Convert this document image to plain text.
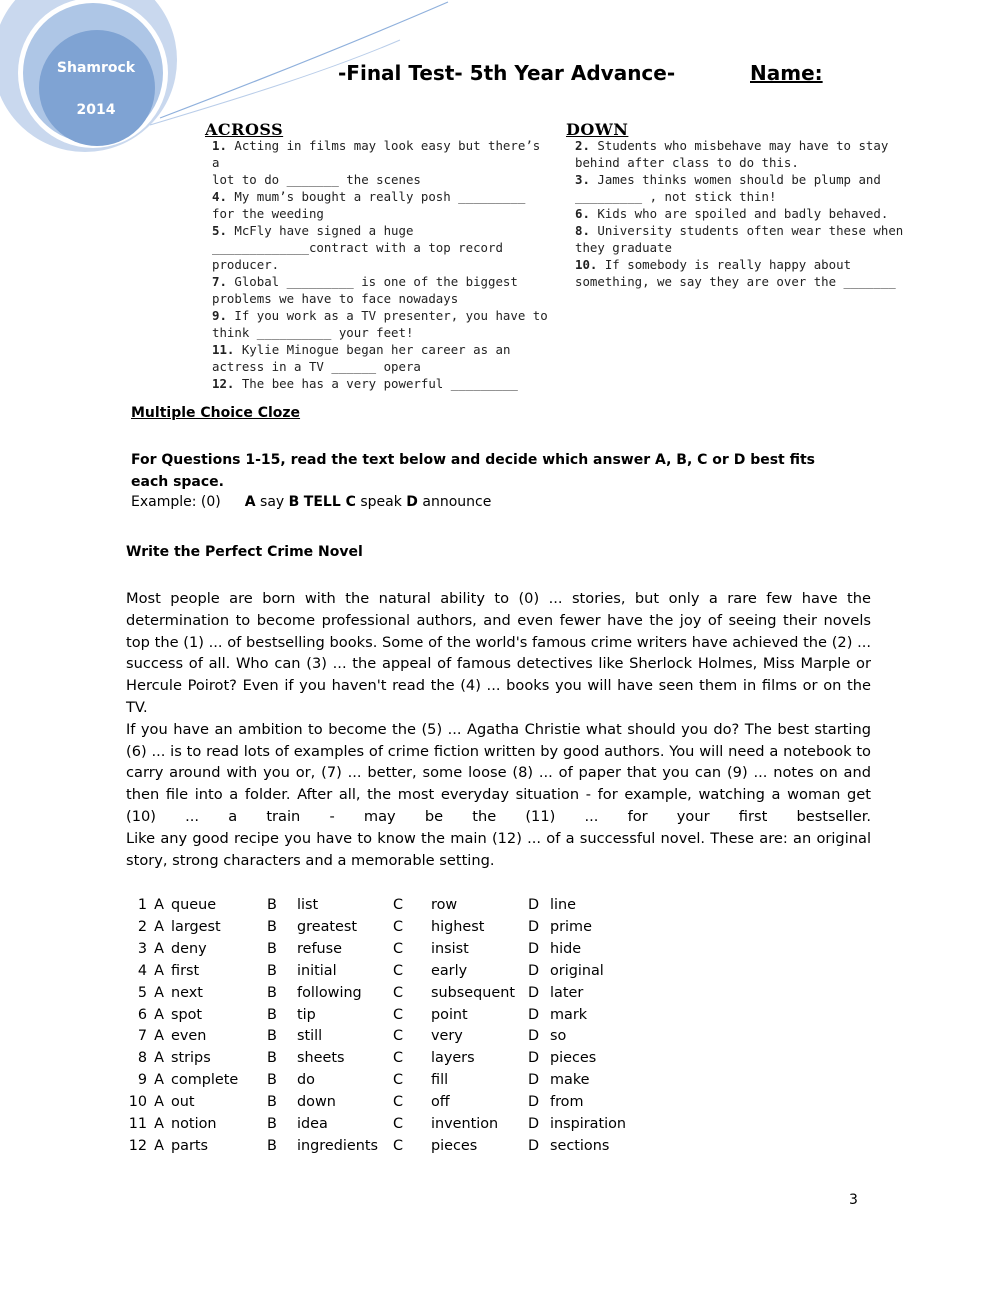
Shamrock
2014
-Final Test- 5th Year Advance-	Name:
ACROSS	DOWN
1. Acting in films may look easy but there’s a
lot to do _______ the scenes
4. My mum’s bought a really posh _________
for the weeding
5. McFly have signed a huge
_____________contract with a top record
producer.
7. Global _________ is one of the biggest
problems we have to face nowadays
9. If you work as a TV presenter, you have to
think __________ your feet!
11. Kylie Minogue began her career as an
actress in a TV ______ opera
12. The bee has a very powerful _________
2. Students who misbehave may have to stay
behind after class to do this.
3. James thinks women should be plump and
_________ , not stick thin!
6. Kids who are spoiled and badly behaved.
8. University students often wear these when
they graduate
10. If somebody is really happy about
something, we say they are over the _______
Multiple Choice Cloze
For Questions 1-15, read the text below and decide which answer A, B, C or D best fits each space.
Example: (0) A say B TELL C speak D announce
Write the Perfect Crime Novel

Most people are born with the natural ability to (0) ... stories, but only a rare few have the determination to become professional authors, and even fewer have the joy of seeing their novels top the (1) ... of bestselling books. Some of the world's famous crime writers have achieved the (2) ... success of all. Who can (3) ... the appeal of famous detectives like Sherlock Holmes, Miss Marple or Hercule Poirot? Even if you haven't read the (4) ... books you will have seen them in films or on the TV.

If you have an ambition to become the (5) ... Agatha Christie what should you do? The best starting (6) ... is to read lots of examples of crime fiction written by good authors. You will need a notebook to carry around with you or, (7) ... better, some loose (8) ... of paper that you can (9) ... notes on and then file into a folder. After all, the most everyday situation - for example, watching a woman get (10) ... a train - may be the (11) ... for your first bestseller.

Like any good recipe you have to know the main (12) ... of a successful novel. These are: an original story, strong characters and a memorable setting.

1	A	queue	B	list	C	row	D	line
2	A	largest	B	greatest	C	highest	D	prime
3	A	deny	B	refuse	C	insist	D	hide
4	A	first	B	initial	C	early	D	original
5	A	next	B	following	C	subsequent	D	later
6	A	spot	B	tip	C	point	D	mark
7	A	even	B	still	C	very	D	so
8	A	strips	B	sheets	C	layers	D	pieces
9	A	complete	B	do	C	fill	D	make
10	A	out	B	down	C	off	D	from
11	A	notion	B	idea	C	invention	D	inspiration
12	A	parts	B	ingredients	C	pieces	D	sections
3
